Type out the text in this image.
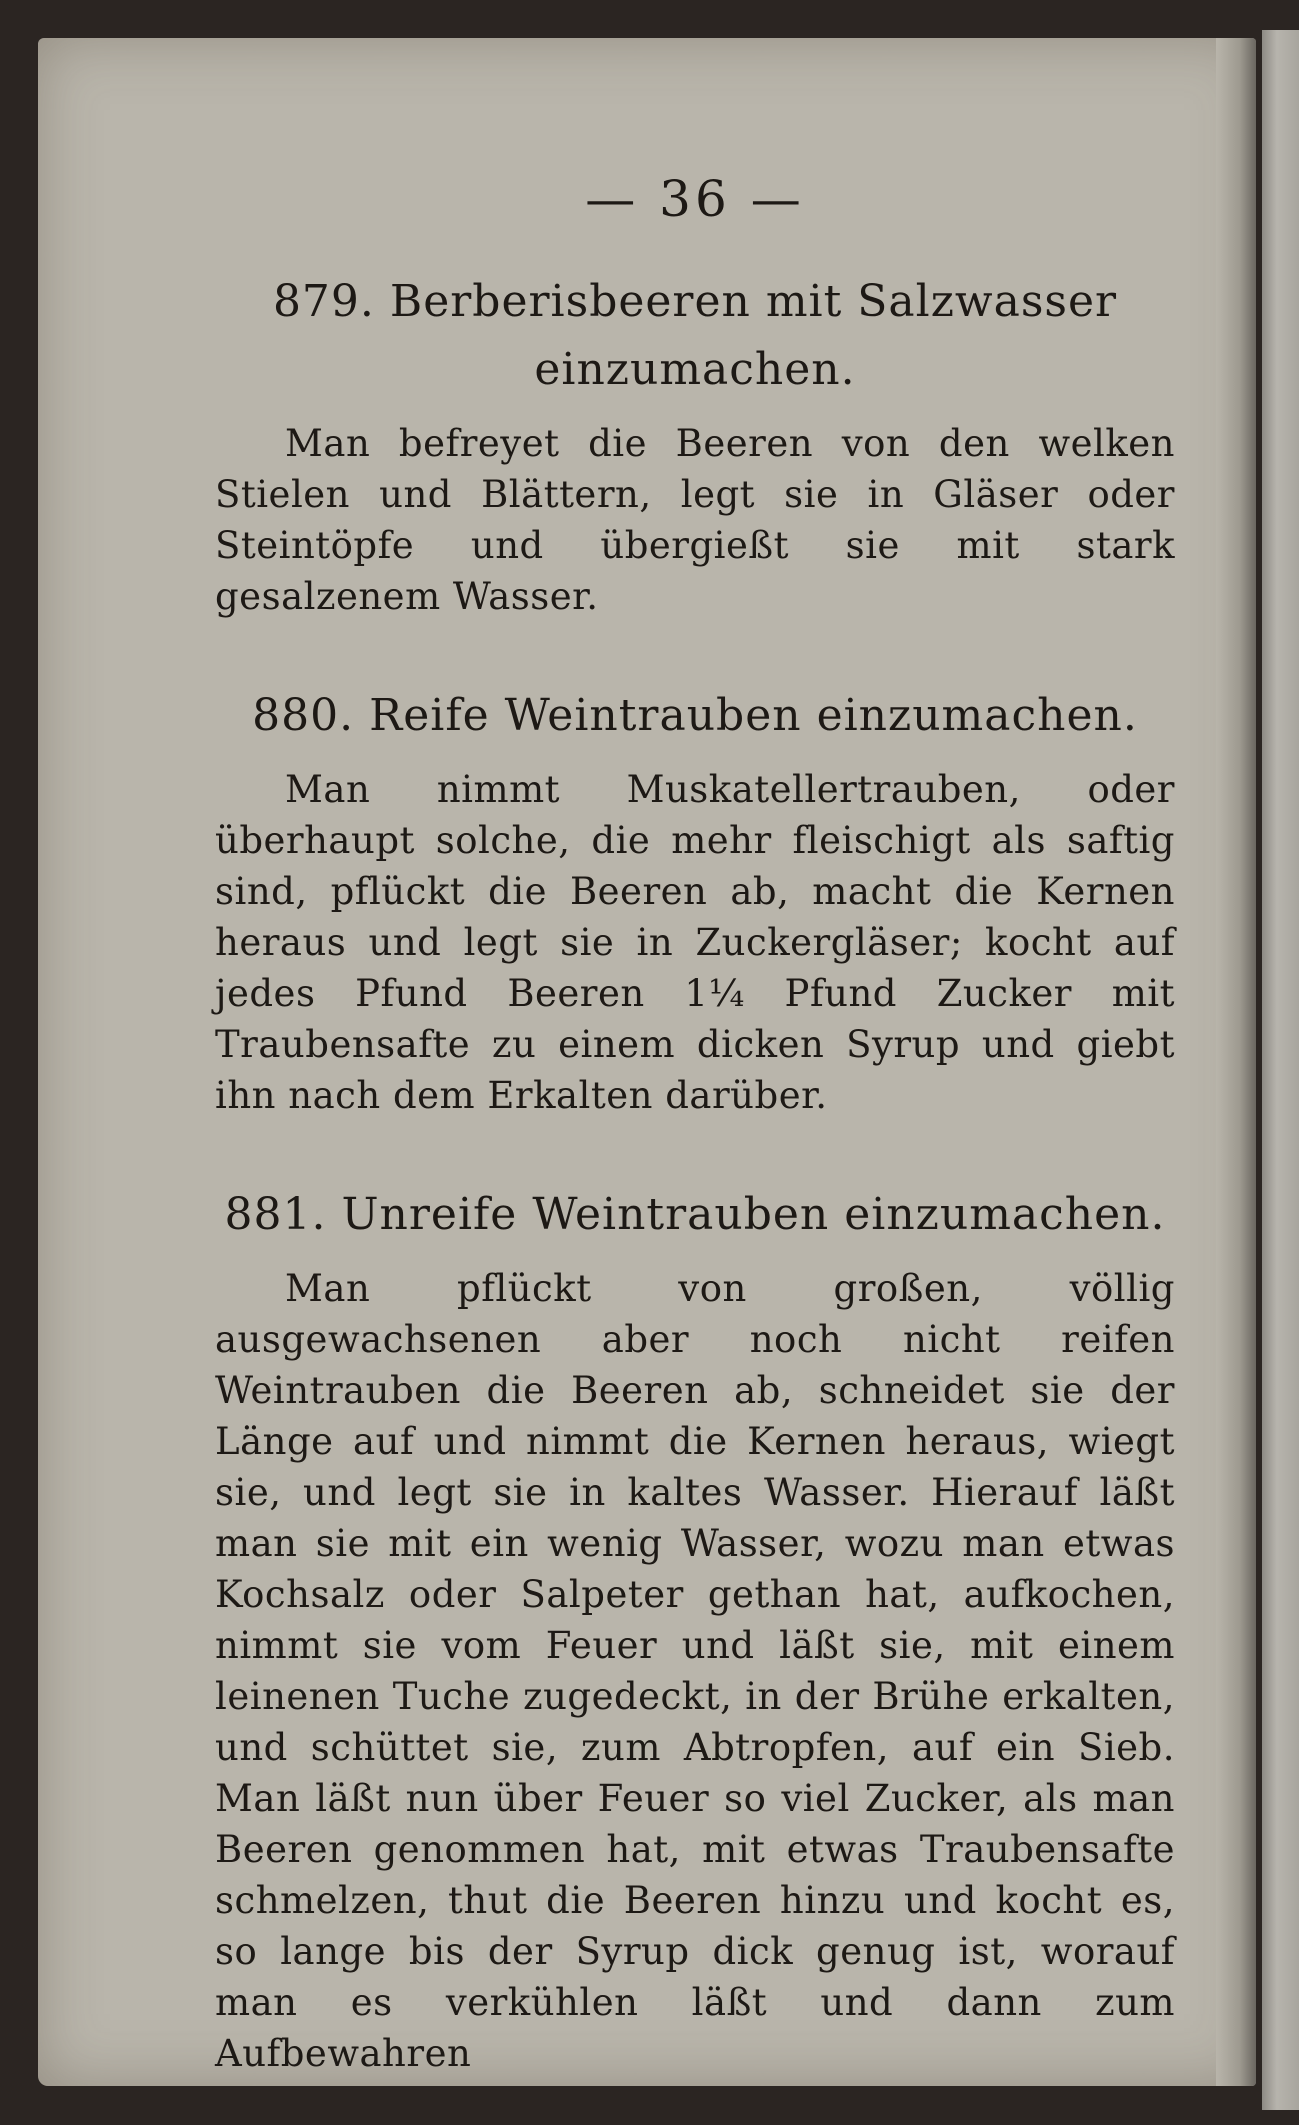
— 36 —

879. Berberisbeeren mit Salzwasser einzumachen.

Man befreyet die Beeren von den welken Stielen und Blättern, legt sie in Gläser oder Steintöpfe und übergießt sie mit stark gesalzenem Wasser.

880. Reife Weintrauben einzumachen.

Man nimmt Muskatellertrauben, oder überhaupt solche, die mehr fleischigt als saftig sind, pflückt die Beeren ab, macht die Kernen heraus und legt sie in Zuckergläser; kocht auf jedes Pfund Beeren 1¼ Pfund Zucker mit Traubensafte zu einem dicken Syrup und giebt ihn nach dem Erkalten darüber.

881. Unreife Weintrauben einzumachen.

Man pflückt von großen, völlig ausgewachsenen aber noch nicht reifen Weintrauben die Beeren ab, schneidet sie der Länge auf und nimmt die Kernen heraus, wiegt sie, und legt sie in kaltes Wasser. Hierauf läßt man sie mit ein wenig Wasser, wozu man etwas Kochsalz oder Salpeter gethan hat, aufkochen, nimmt sie vom Feuer und läßt sie, mit einem leinenen Tuche zugedeckt, in der Brühe erkalten, und schüttet sie, zum Abtropfen, auf ein Sieb. Man läßt nun über Feuer so viel Zucker, als man Beeren genommen hat, mit etwas Traubensafte schmelzen, thut die Beeren hinzu und kocht es, so lange bis der Syrup dick genug ist, worauf man es verkühlen läßt und dann zum Aufbewahren
